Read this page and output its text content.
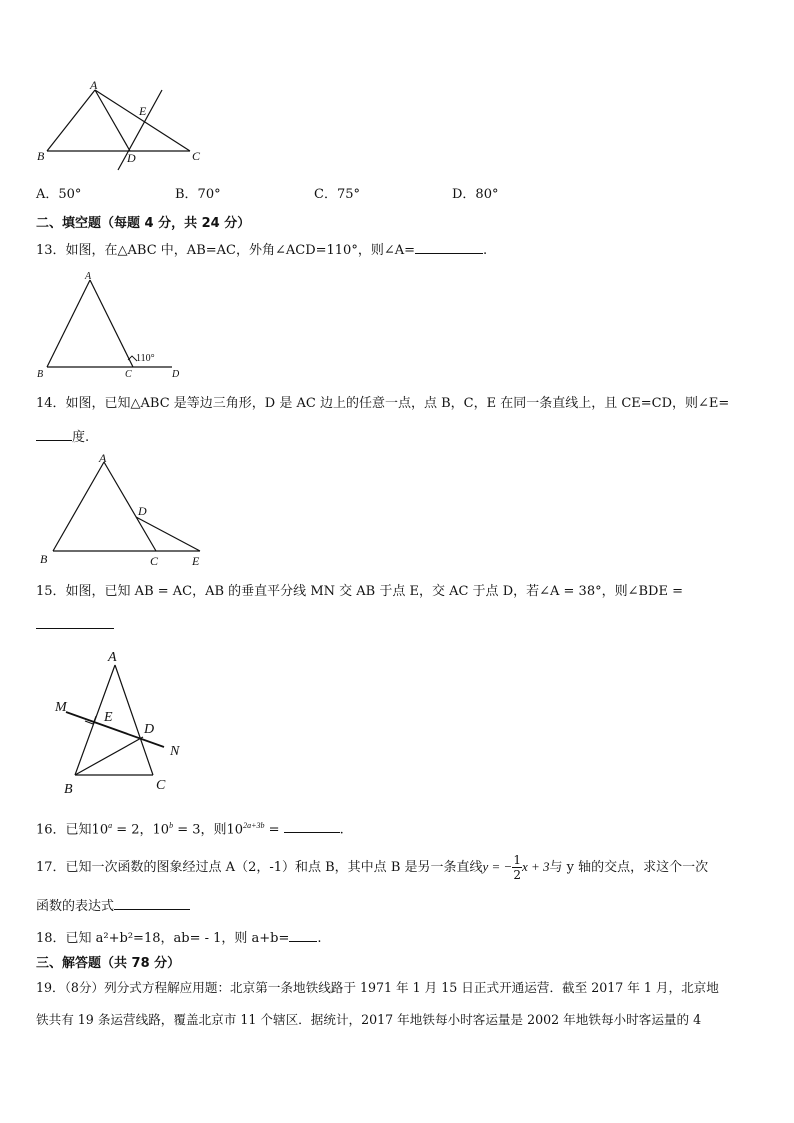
A
B	C
D
E
A．50°	B．70°	C．75°	D．80°
二、填空题（每题 4 分，共 24 分）
13．如图，在△ABC 中，AB=AC，外角∠ACD=110°，则∠A=	.
A
B	C	D
110°
14．如图，已知△ABC 是等边三角形，D 是 AC 边上的任意一点，点 B，C，E 在同一条直线上，且 CE=CD，则∠E=
度.
A
B	C
D
E
15．如图，已知 AB = AC，AB 的垂直平分线 MN 交 AB 于点 E，交 AC 于点 D，若∠A = 38°，则∠BDE =
A
B	C
D
E
M
N
16．已知$10^a = 2$，$10^b = 3$，则$10^{2a+3b}$ =	.
17．已知一次函数的图象经过点 A（2，-1）和点 B，其中点 B 是另一条直线y = − $\frac{1}{2}$ x + 3与 y 轴的交点，求这个一次
函数的表达式
18．已知 a²+b²=18，ab= - 1，则 a+b= .
三、解答题（共 78 分）
19．（8分）列分式方程解应用题：北京第一条地铁线路于 1971 年 1 月 15 日正式开通运营．截至 2017 年 1 月，北京地
铁共有 19 条运营线路，覆盖北京市 11 个辖区．据统计，2017 年地铁每小时客运量是 2002 年地铁每小时客运量的 4
